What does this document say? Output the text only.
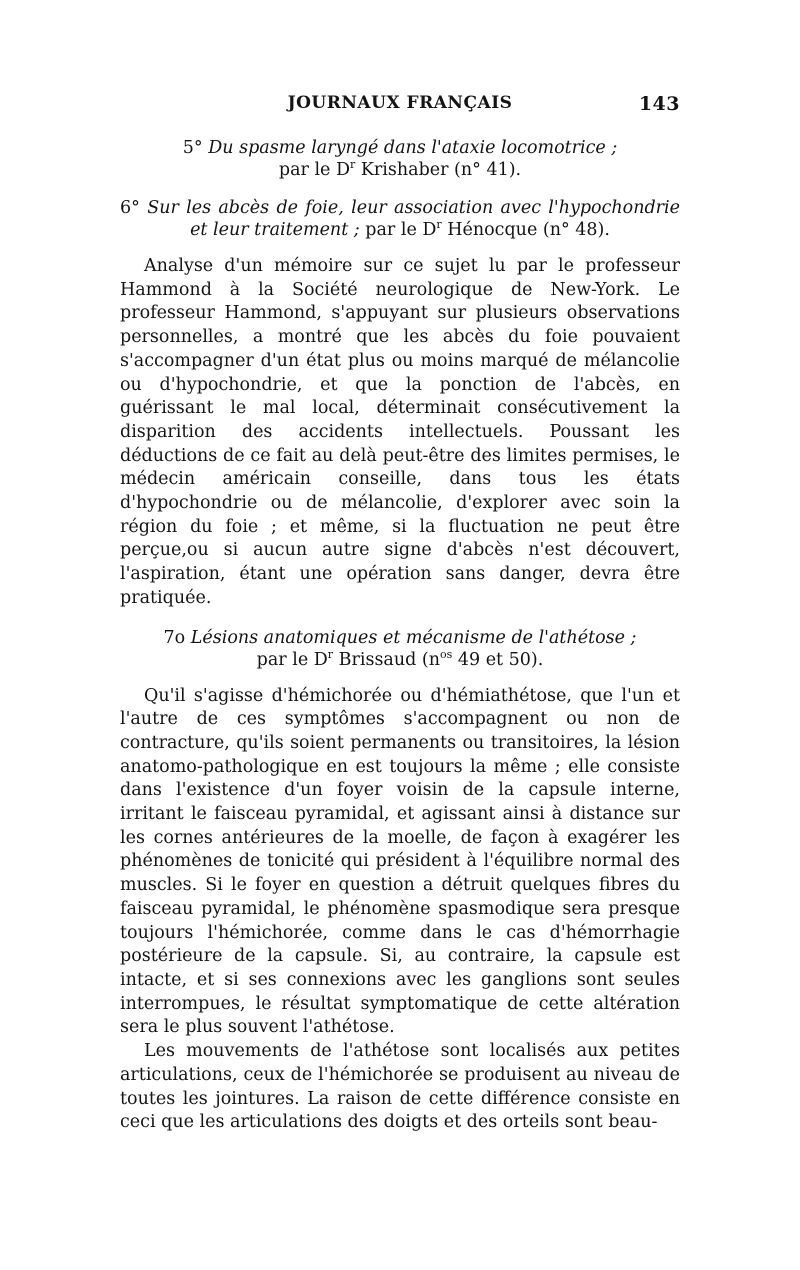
JOURNAUX FRANÇAIS	143
5° Du spasme laryngé dans l'ataxie locomotrice ;
par le $D^r$ Krishaber (n° 41).
6° Sur les abcès de foie, leur association avec l'hypochondrie
et leur traitement ; par le $D^r$ Hénocque (n° 48).

Analyse d'un mémoire sur ce sujet lu par le professeur Hammond à la Société neurologique de New-York. Le professeur Hammond, s'appuyant sur plusieurs observations personnelles, a montré que les abcès du foie pouvaient s'accompagner d'un état plus ou moins marqué de mélancolie ou d'hypochondrie, et que la ponction de l'abcès, en guérissant le mal local, déterminait consécutivement la disparition des accidents intellectuels. Poussant les déductions de ce fait au delà peut-être des limites permises, le médecin américain conseille, dans tous les états d'hypochondrie ou de mélancolie, d'explorer avec soin la région du foie ; et même, si la fluctuation ne peut être perçue,ou si aucun autre signe d'abcès n'est découvert, l'aspiration, étant une opération sans danger, devra être pratiquée.

7o Lésions anatomiques et mécanisme de l'athétose ;
par le $D^r$ Brissaud ($n^{os}$ 49 et 50).

Qu'il s'agisse d'hémichorée ou d'hémiathétose, que l'un et l'autre de ces symptômes s'accompagnent ou non de contracture, qu'ils soient permanents ou transitoires, la lésion anatomo-pathologique en est toujours la même ; elle consiste dans l'existence d'un foyer voisin de la capsule interne, irritant le faisceau pyramidal, et agissant ainsi à distance sur les cornes antérieures de la moelle, de façon à exagérer les phénomènes de tonicité qui président à l'équilibre normal des muscles. Si le foyer en question a détruit quelques fibres du faisceau pyramidal, le phénomène spasmodique sera presque toujours l'hémichorée, comme dans le cas d'hémorrhagie postérieure de la capsule. Si, au contraire, la capsule est intacte, et si ses connexions avec les ganglions sont seules interrompues, le résultat symptomatique de cette altération sera le plus souvent l'athétose.

Les mouvements de l'athétose sont localisés aux petites articulations, ceux de l'hémichorée se produisent au niveau de toutes les jointures. La raison de cette différence consiste en ceci que les articulations des doigts et des orteils sont beau-
